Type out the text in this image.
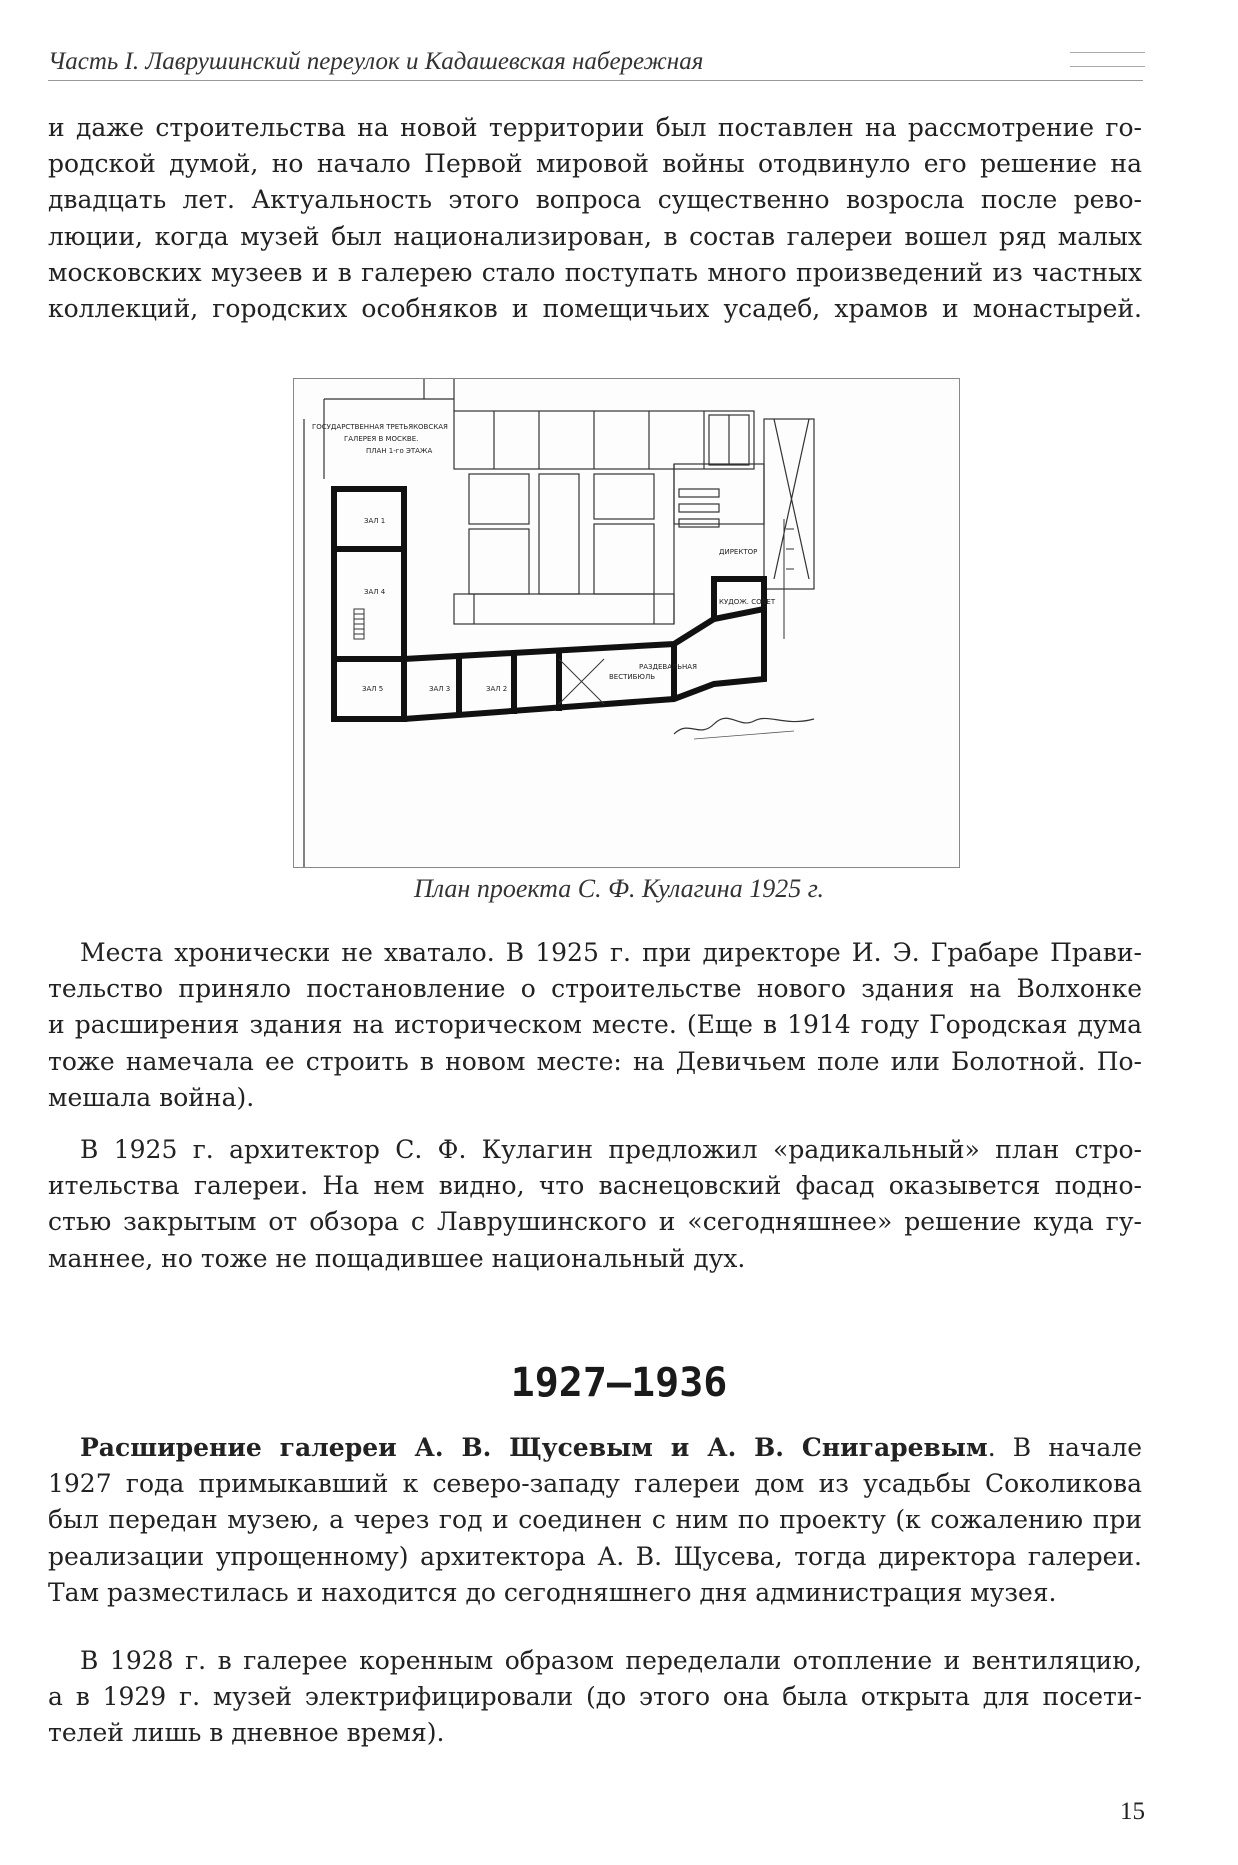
Часть I. Лаврушинский переулок и Кадашевская набережная
и даже строительства на новой территории был поставлен на рассмотрение го-
родской думой, но начало Первой мировой войны отодвинуло его решение на
двадцать лет. Актуальность этого вопроса существенно возросла после рево-
люции, когда музей был национализирован, в состав галереи вошел ряд малых
московских музеев и в галерею стало поступать много произведений из частных
коллекций, городских особняков и помещичьих усадеб, храмов и монастырей.
ГОСУДАРСТВЕННАЯ ТРЕТЬЯКОВСКАЯ
ГАЛЕРЕЯ В МОСКВЕ.
ПЛАН 1-го ЭТАЖА
ЗАЛ 1
ЗАЛ 2
ЗАЛ 3
ЗАЛ 4
ЗАЛ 5
ВЕСТИБЮЛЬ
РАЗДЕВАЛЬНАЯ
КУДОЖ. СОВЕТ
ДИРЕКТОР
План проекта С. Ф. Кулагина 1925 г.
Места хронически не хватало. В 1925 г. при директоре И. Э. Грабаре Прави-
тельство приняло постановление о строительстве нового здания на Волхонке
и расширения здания на историческом месте. (Еще в 1914 году Городская дума
тоже намечала ее строить в новом месте: на Девичьем поле или Болотной. По-
мешала война).
В 1925 г. архитектор С. Ф. Кулагин предложил «радикальный» план стро-
ительства галереи. На нем видно, что васнецовский фасад оказывется подно-
стью закрытым от обзора с Лаврушинского и «сегодняшнее» решение куда гу-
маннее, но тоже не пощадившее национальный дух.
1927–1936
Расширение галереи А. В. Щусевым и А. В. Снигаревым. В начале
1927 года примыкавший к северо-западу галереи дом из усадьбы Соколикова
был передан музею, а через год и соединен с ним по проекту (к сожалению при
реализации упрощенному) архитектора А. В. Щусева, тогда директора галереи.
Там разместилась и находится до сегодняшнего дня администрация музея.
В 1928 г. в галерее коренным образом переделали отопление и вентиляцию,
а в 1929 г. музей электрифицировали (до этого она была открыта для посети-
телей лишь в дневное время).
15
